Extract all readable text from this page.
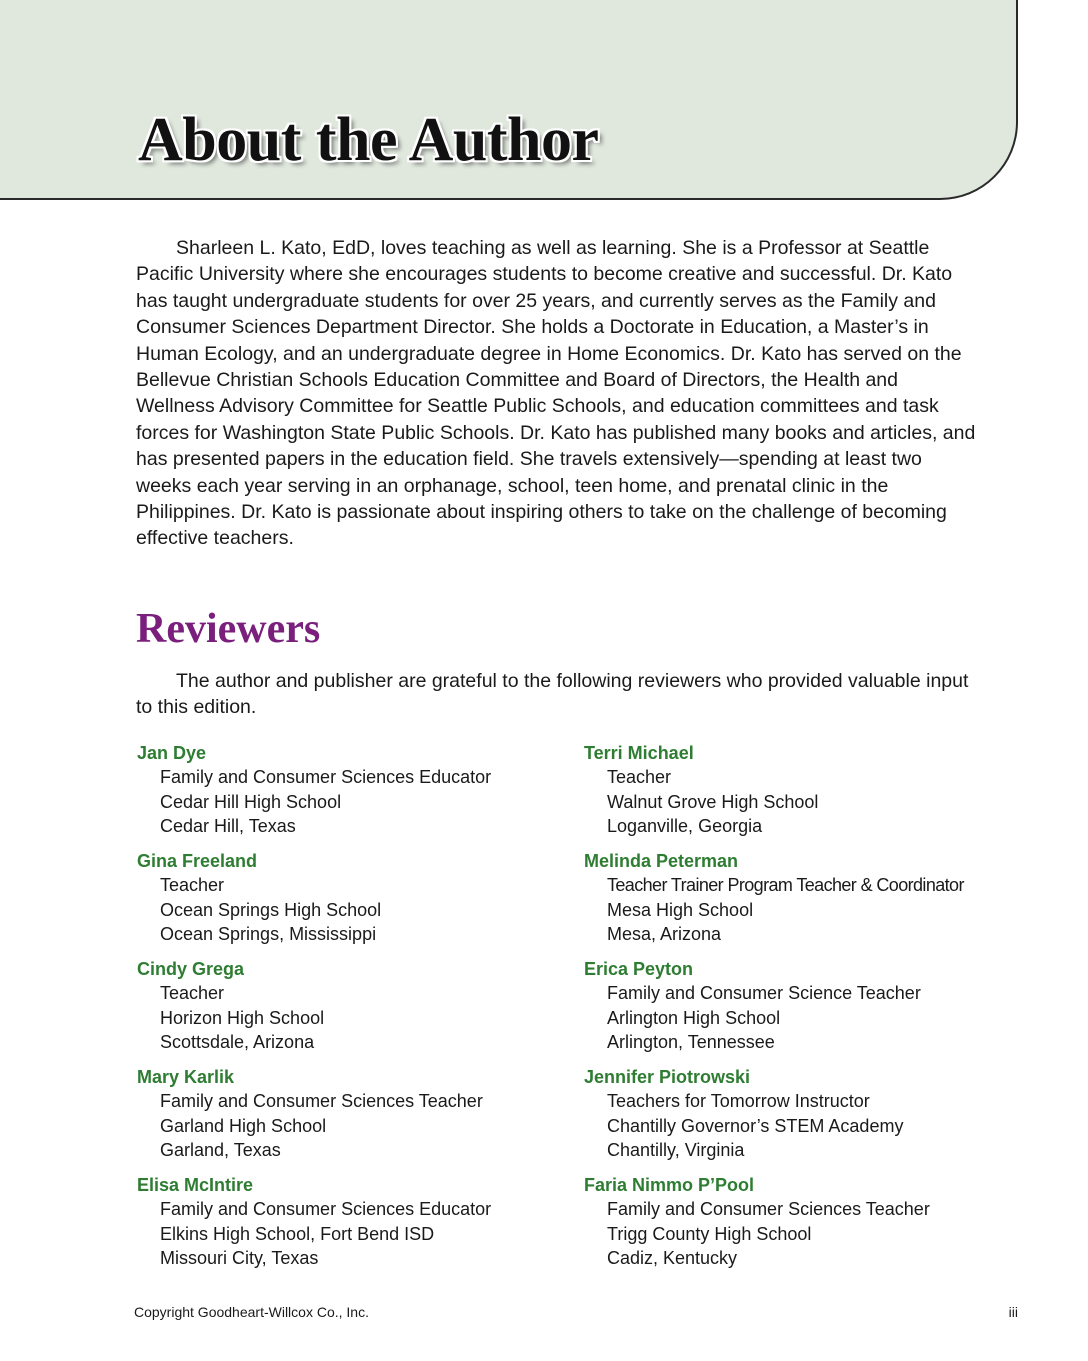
About the Author

Sharleen L. Kato, EdD, loves teaching as well as learning. She is a Professor at Seattle Pacific University where she encourages students to become creative and successful. Dr. Kato has taught undergraduate students for over 25 years, and currently serves as the Family and Consumer Sciences Department Director. She holds a Doctorate in Education, a Master’s in Human Ecology, and an undergraduate degree in Home Economics. Dr. Kato has served on the Bellevue Christian Schools Education Committee and Board of Directors, the Health and Wellness Advisory Committee for Seattle Public Schools, and education committees and task forces for Washington State Public Schools. Dr. Kato has published many books and articles, and has presented papers in the education field. She travels extensively—spending at least two weeks each year serving in an orphanage, school, teen home, and prenatal clinic in the Philippines. Dr. Kato is passionate about inspiring others to take on the challenge of becoming effective teachers.

Reviewers

The author and publisher are grateful to the following reviewers who provided valuable input to this edition.

Jan Dye
Family and Consumer Sciences Educator
Cedar Hill High School
Cedar Hill, Texas
Gina Freeland
Teacher
Ocean Springs High School
Ocean Springs, Mississippi
Cindy Grega
Teacher
Horizon High School
Scottsdale, Arizona
Mary Karlik
Family and Consumer Sciences Teacher
Garland High School
Garland, Texas
Elisa McIntire
Family and Consumer Sciences Educator
Elkins High School, Fort Bend ISD
Missouri City, Texas
Terri Michael
Teacher
Walnut Grove High School
Loganville, Georgia
Melinda Peterman
Teacher Trainer Program Teacher & Coordinator
Mesa High School
Mesa, Arizona
Erica Peyton
Family and Consumer Science Teacher
Arlington High School
Arlington, Tennessee
Jennifer Piotrowski
Teachers for Tomorrow Instructor
Chantilly Governor’s STEM Academy
Chantilly, Virginia
Faria Nimmo P’Pool
Family and Consumer Sciences Teacher
Trigg County High School
Cadiz, Kentucky
Copyright Goodheart-Willcox Co., Inc.	iii
